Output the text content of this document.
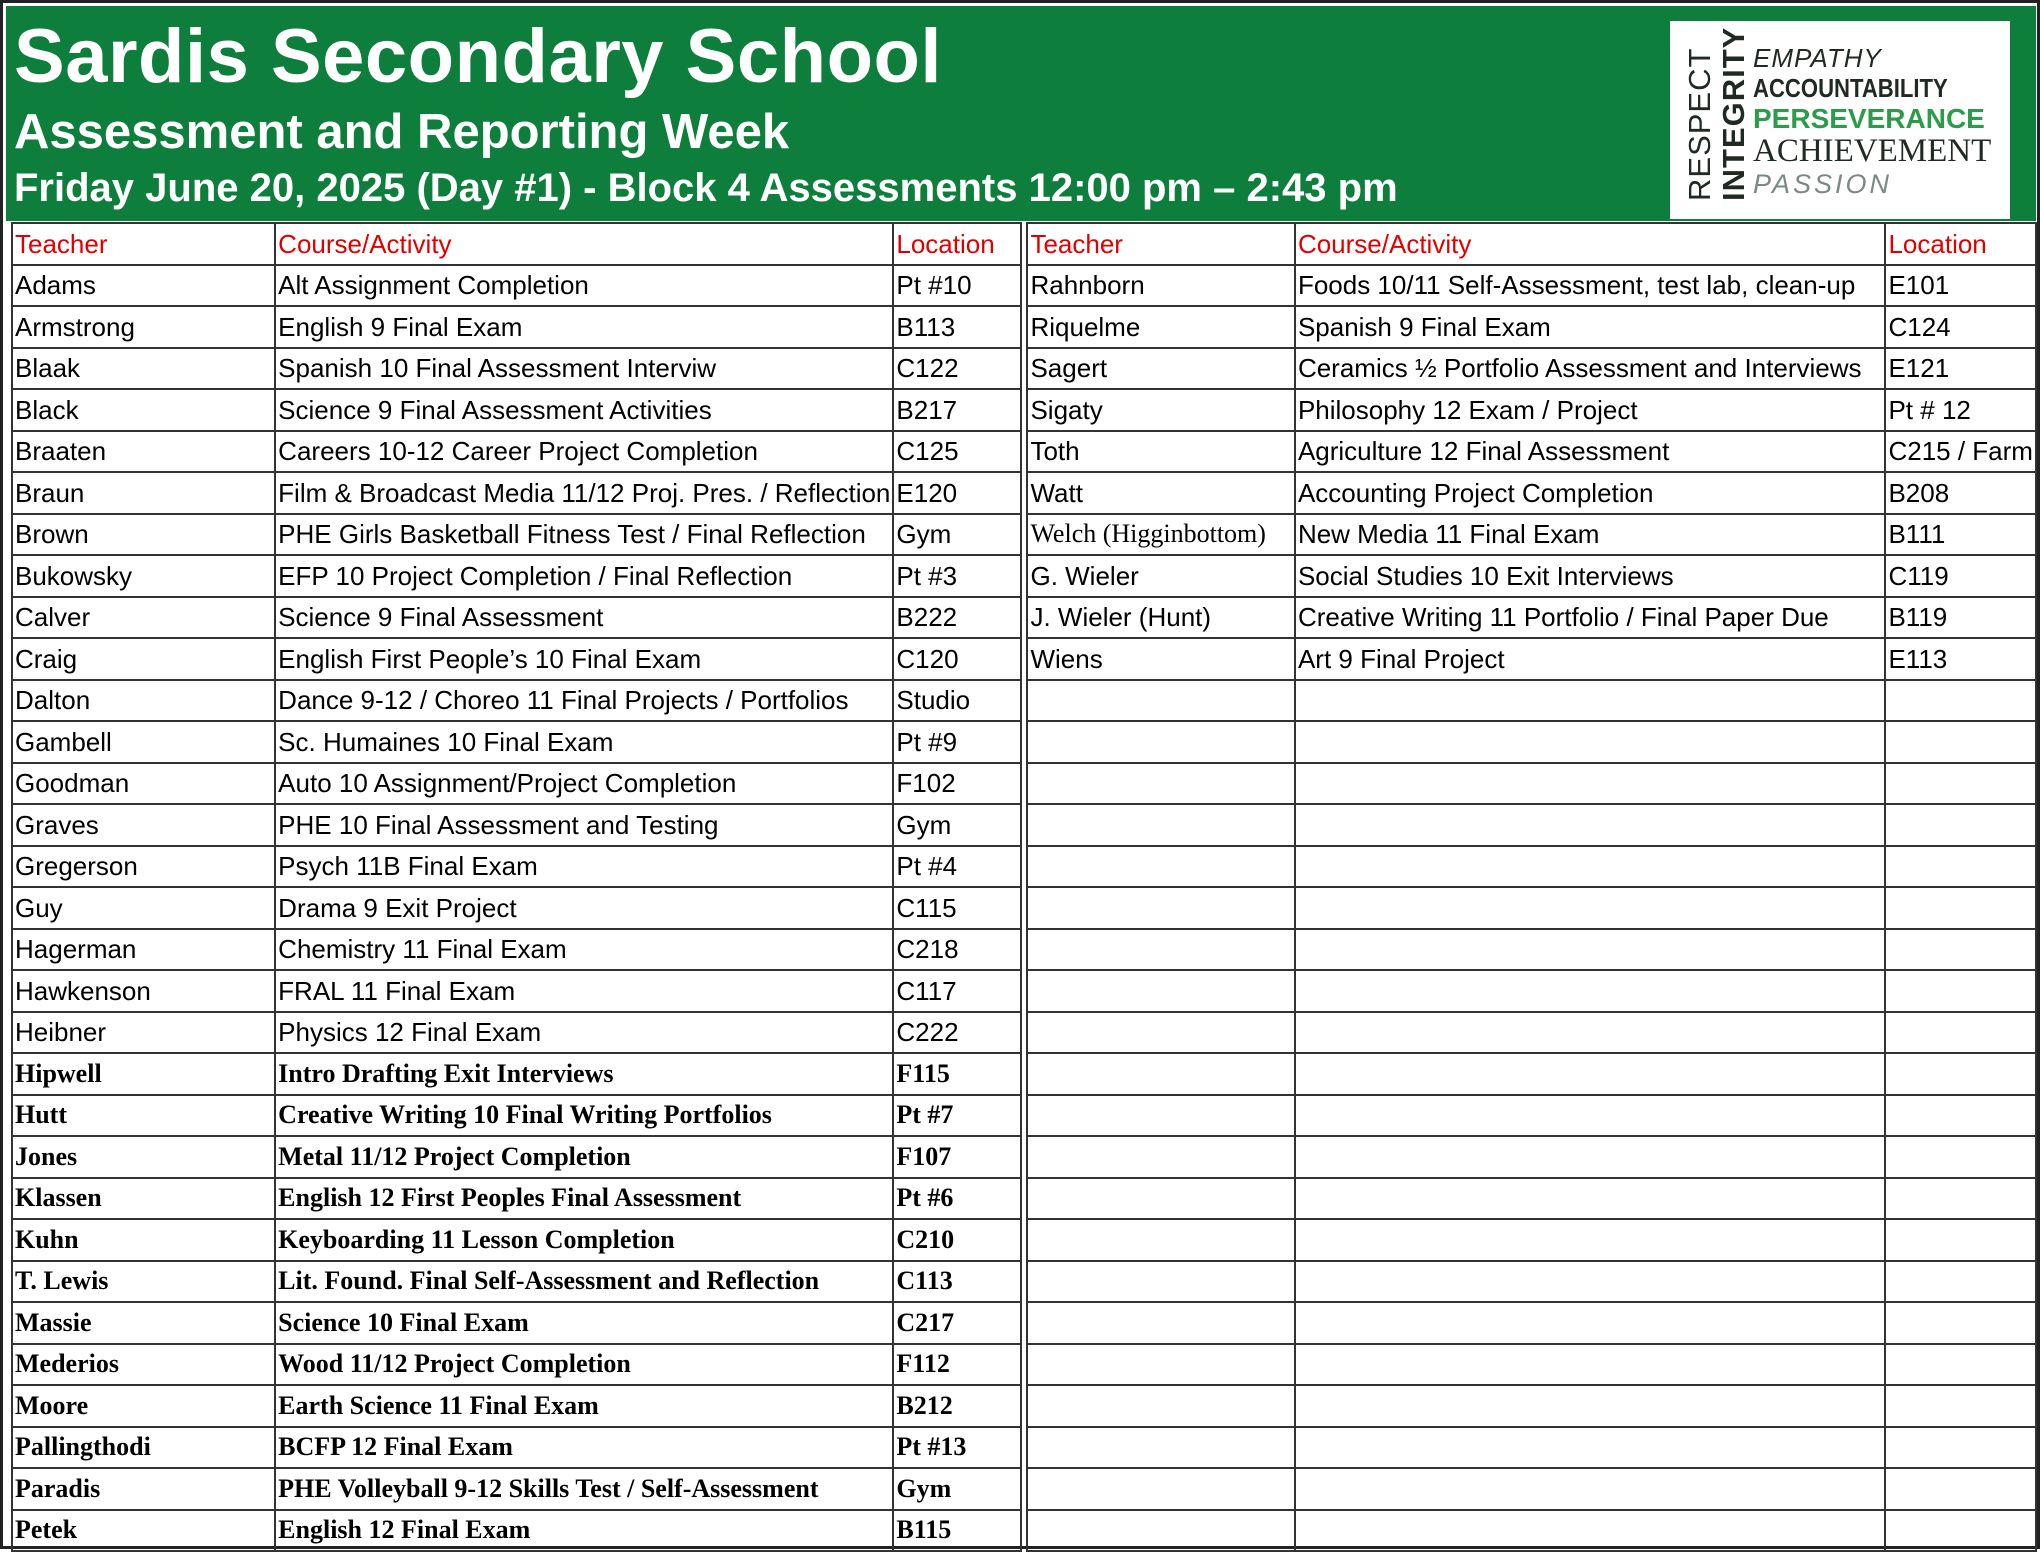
Sardis Secondary School
Assessment and Reporting Week
Friday June 20, 2025 (Day #1) - Block 4 Assessments 12:00 pm – 2:43 pm	RESPECT INTEGRITY EMPATHY
ACCOUNTABILITY
PERSEVERANCE
ACHIEVEMENT
PASSION
Teacher	Course/Activity	Location		Teacher	Course/Activity	Location
Adams	Alt Assignment Completion	Pt #10		Rahnborn	Foods 10/11 Self-Assessment, test lab, clean-up	E101
Armstrong	English 9 Final Exam	B113		Riquelme	Spanish 9 Final Exam	C124
Blaak	Spanish 10 Final Assessment Interviw	C122		Sagert	Ceramics ½ Portfolio Assessment and Interviews	E121
Black	Science 9 Final Assessment Activities	B217		Sigaty	Philosophy 12 Exam / Project	Pt # 12
Braaten	Careers 10-12 Career Project Completion	C125		Toth	Agriculture 12 Final Assessment	C215 / Farm
Braun	Film & Broadcast Media 11/12 Proj. Pres. / Reflection	E120		Watt	Accounting Project Completion	B208
Brown	PHE Girls Basketball Fitness Test / Final Reflection	Gym		Welch (Higginbottom)	New Media 11 Final Exam	B111
Bukowsky	EFP 10 Project Completion / Final Reflection	Pt #3		G. Wieler	Social Studies 10 Exit Interviews	C119
Calver	Science 9 Final Assessment	B222		J. Wieler (Hunt)	Creative Writing 11 Portfolio / Final Paper Due	B119
Craig	English First People’s 10 Final Exam	C120		Wiens	Art 9 Final Project	E113
Dalton	Dance 9-12 / Choreo 11 Final Projects / Portfolios	Studio				
Gambell	Sc. Humaines 10 Final Exam	Pt #9				
Goodman	Auto 10 Assignment/Project Completion	F102				
Graves	PHE 10 Final Assessment and Testing	Gym				
Gregerson	Psych 11B Final Exam	Pt #4				
Guy	Drama 9 Exit Project	C115				
Hagerman	Chemistry 11 Final Exam	C218				
Hawkenson	FRAL 11 Final Exam	C117				
Heibner	Physics 12 Final Exam	C222				
Hipwell	Intro Drafting Exit Interviews	F115				
Hutt	Creative Writing 10 Final Writing Portfolios	Pt #7				
Jones	Metal 11/12 Project Completion	F107				
Klassen	English 12 First Peoples Final Assessment	Pt #6				
Kuhn	Keyboarding 11 Lesson Completion	C210				
T. Lewis	Lit. Found. Final Self-Assessment and Reflection	C113				
Massie	Science 10 Final Exam	C217				
Mederios	Wood 11/12 Project Completion	F112				
Moore	Earth Science 11 Final Exam	B212				
Pallingthodi	BCFP 12 Final Exam	Pt #13				
Paradis	PHE Volleyball 9-12 Skills Test / Self-Assessment	Gym				
Petek	English 12 Final Exam	B115				
